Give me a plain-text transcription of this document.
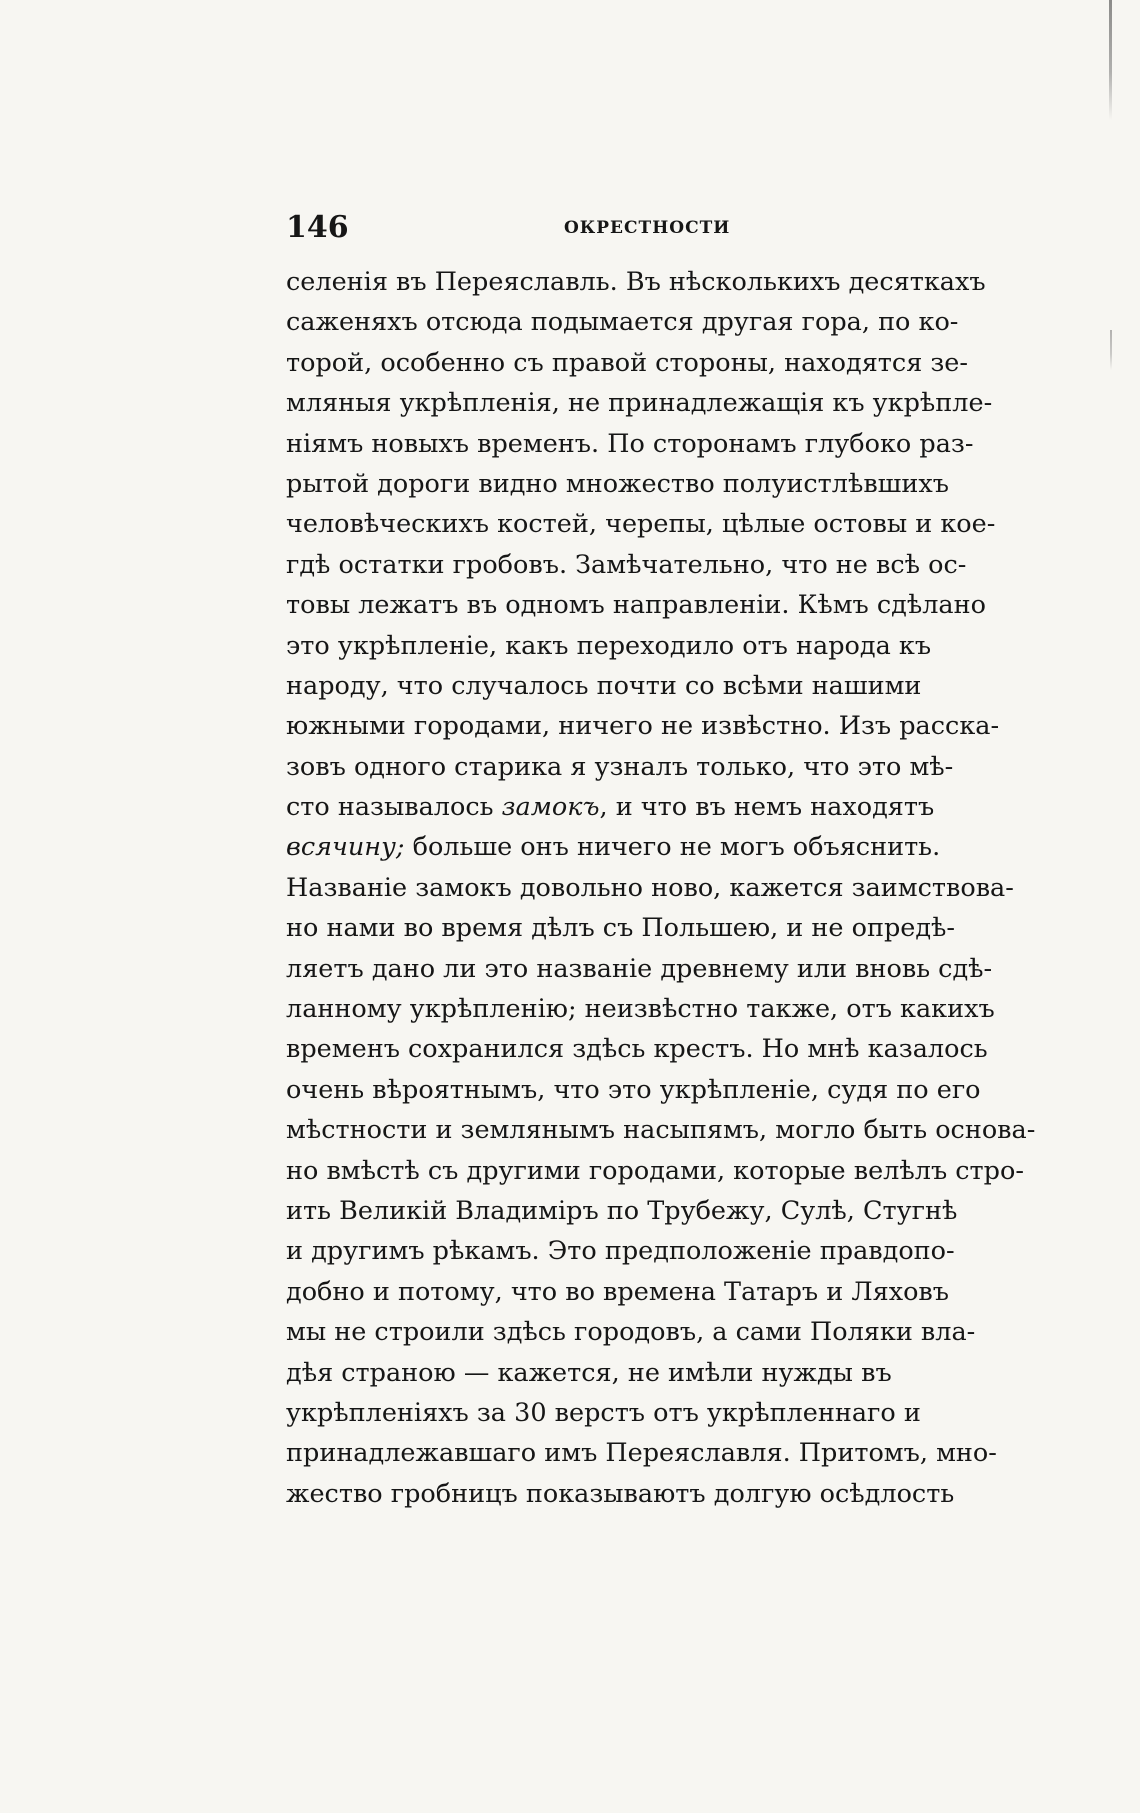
146	ОКРЕСТНОСТИ
селенія въ Переяславль. Въ нѣсколькихъ десяткахъ
саженяхъ отсюда подымается другая гора, по ко-
торой, особенно съ правой стороны, находятся зе-
мляныя укрѣпленія, не принадлежащія къ укрѣпле-
ніямъ новыхъ временъ. По сторонамъ глубоко раз-
рытой дороги видно множество полуистлѣвшихъ
человѣческихъ костей, черепы, цѣлые остовы и кое-
гдѣ остатки гробовъ. Замѣчательно, что не всѣ ос-
товы лежатъ въ одномъ направленіи. Кѣмъ сдѣлано
это укрѣпленіе, какъ переходило отъ народа къ
народу, что случалось почти со всѣми нашими
южными городами, ничего не извѣстно. Изъ расска-
зовъ одного старика я узналъ только, что это мѣ-
сто называлось замокъ, и что въ немъ находятъ
всячину; больше онъ ничего не могъ объяснить.
Названіе замокъ довольно ново, кажется заимствова-
но нами во время дѣлъ съ Польшею, и не опредѣ-
ляетъ дано ли это названіе древнему или вновь сдѣ-
ланному укрѣпленію; неизвѣстно также, отъ какихъ
временъ сохранился здѣсь крестъ. Но мнѣ казалось
очень вѣроятнымъ, что это укрѣпленіе, судя по его
мѣстности и землянымъ насыпямъ, могло быть основа-
но вмѣстѣ съ другими городами, которые велѣлъ стро-
ить Великій Владиміръ по Трубежу, Сулѣ, Стугнѣ
и другимъ рѣкамъ. Это предположеніе правдопо-
добно и потому, что во времена Татаръ и Ляховъ
мы не строили здѣсь городовъ, а сами Поляки вла-
дѣя страною — кажется, не имѣли нужды въ
укрѣпленіяхъ за 30 верстъ отъ укрѣпленнаго и
принадлежавшаго имъ Переяславля. Притомъ, мно-
жество гробницъ показываютъ долгую осѣдлость
